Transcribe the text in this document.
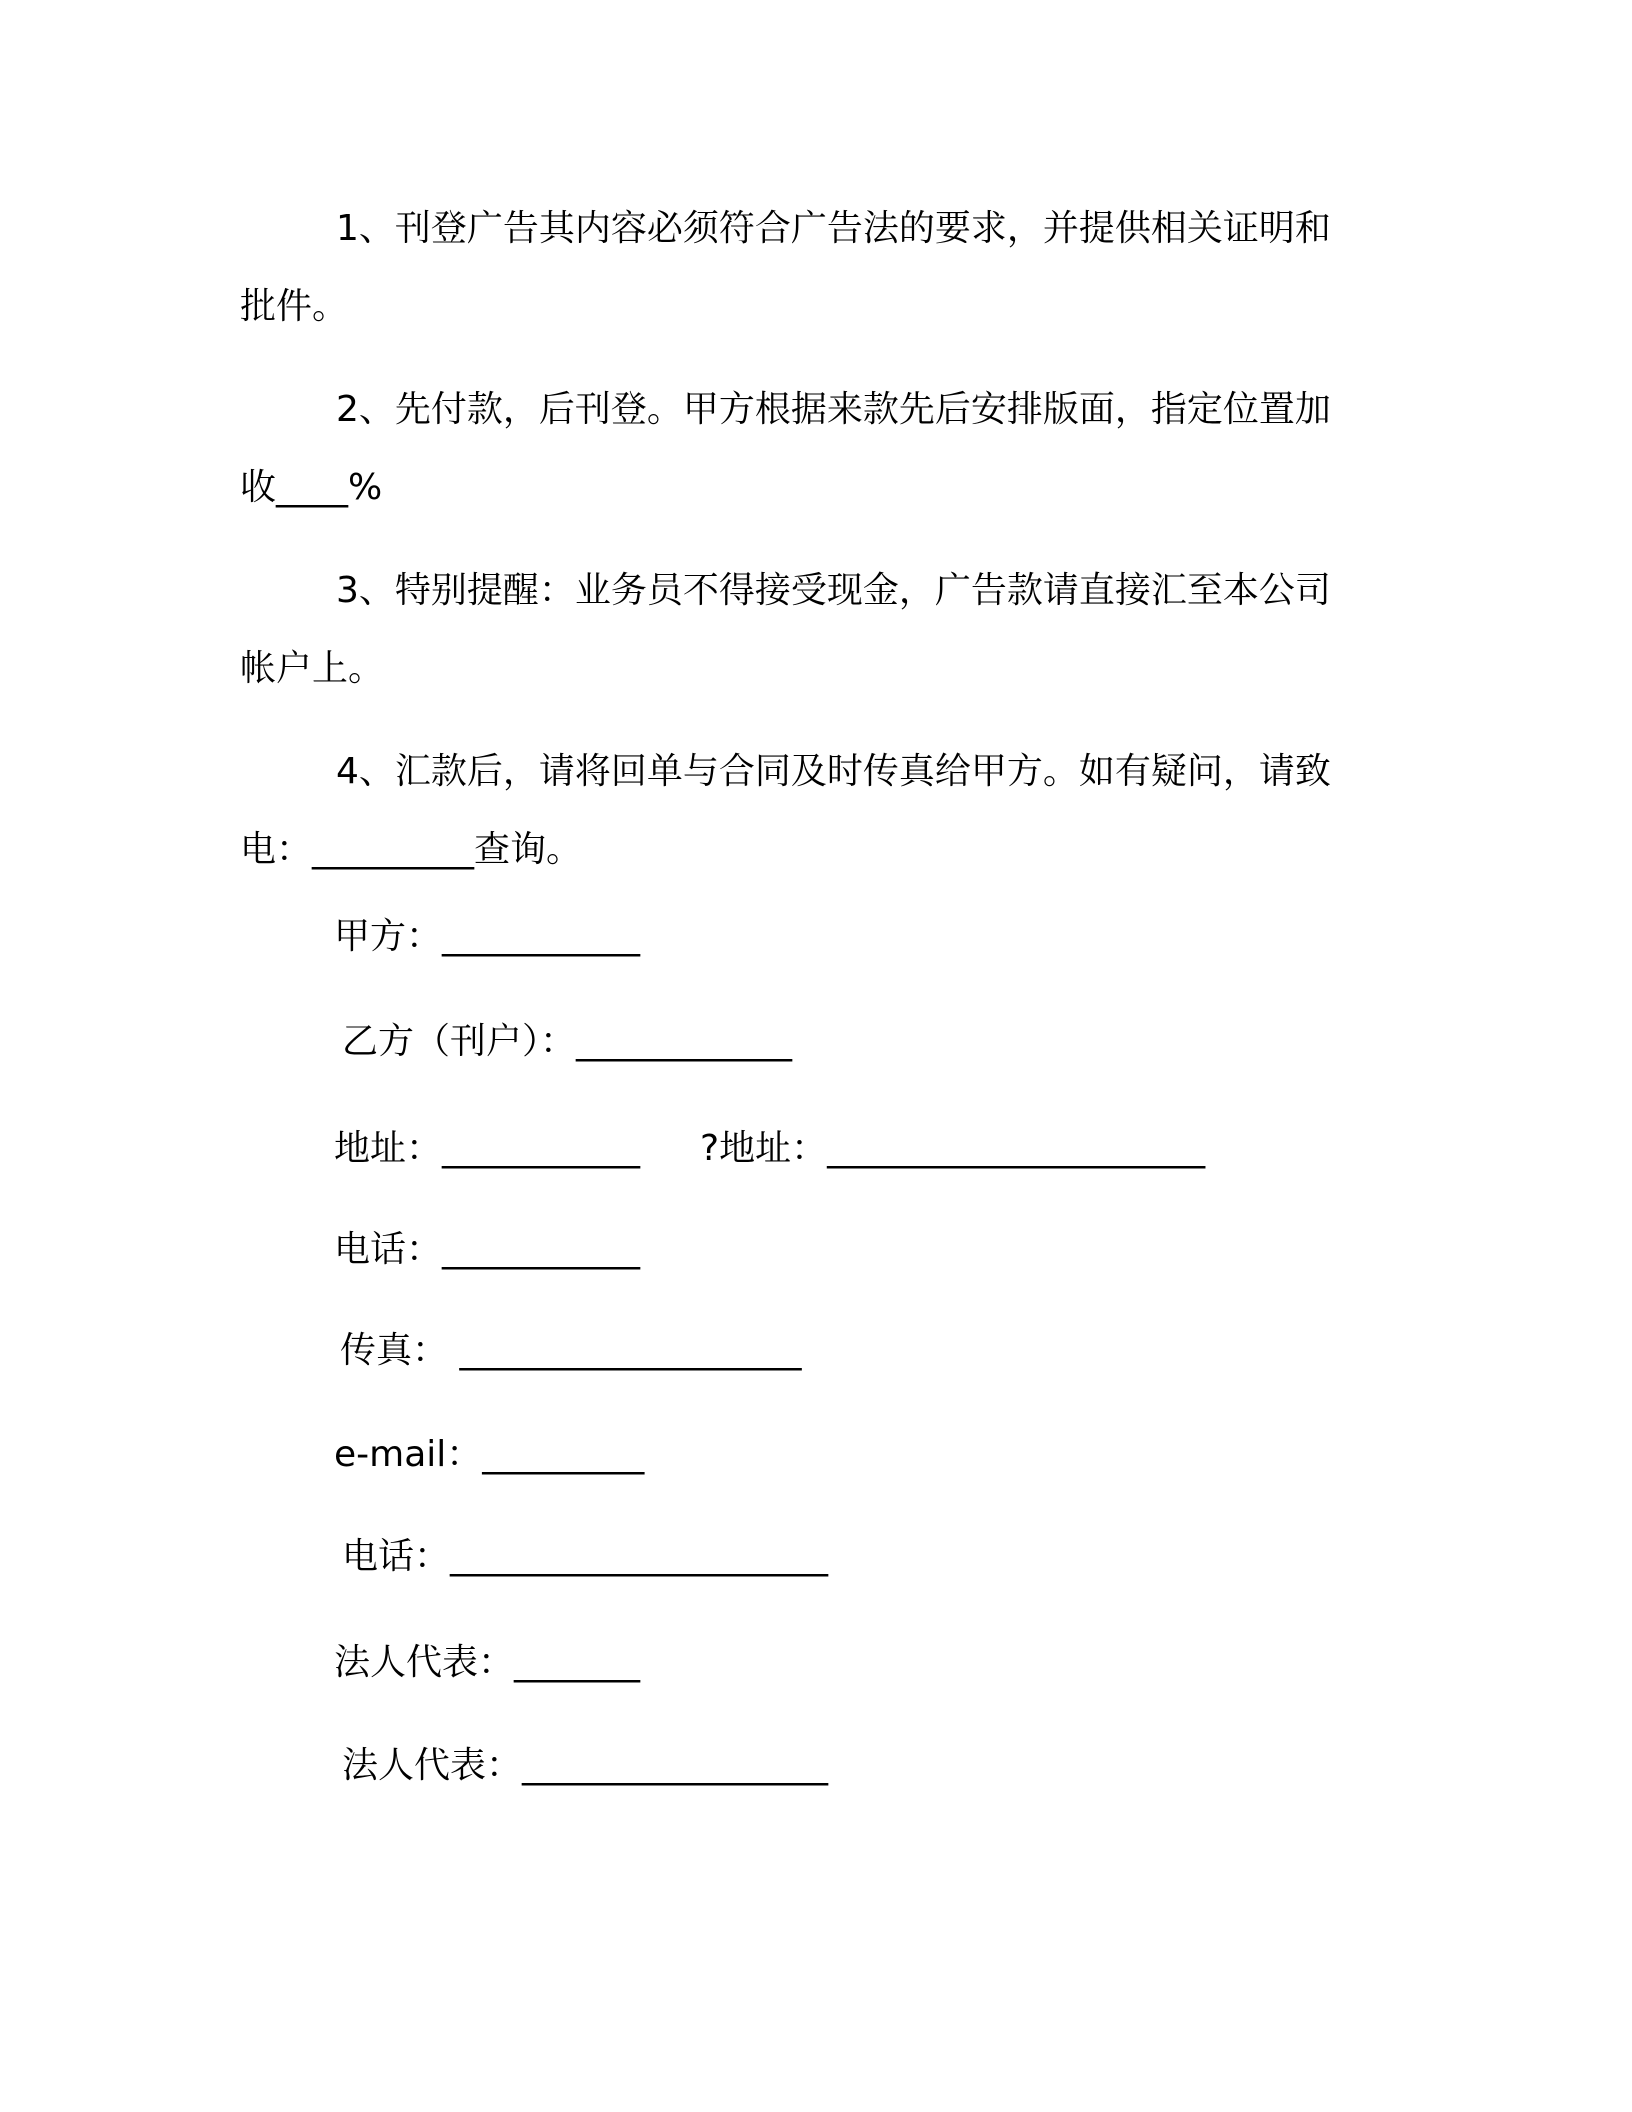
1、刊登广告其内容必须符合广告法的要求，并提供相关证明和批件。

2、先付款，后刊登。甲方根据来款先后安排版面，指定位置加收____%

3、特别提醒：业务员不得接受现金，广告款请直接汇至本公司帐户上。

4、汇款后，请将回单与合同及时传真给甲方。如有疑问，请致电：_________查询。

甲方：___________
乙方（刊户）：____________
地址：___________ ?地址：_____________________
电话：___________
传真： ___________________
e-mail：_________
电话：_____________________
法人代表：_______
法人代表：_________________
